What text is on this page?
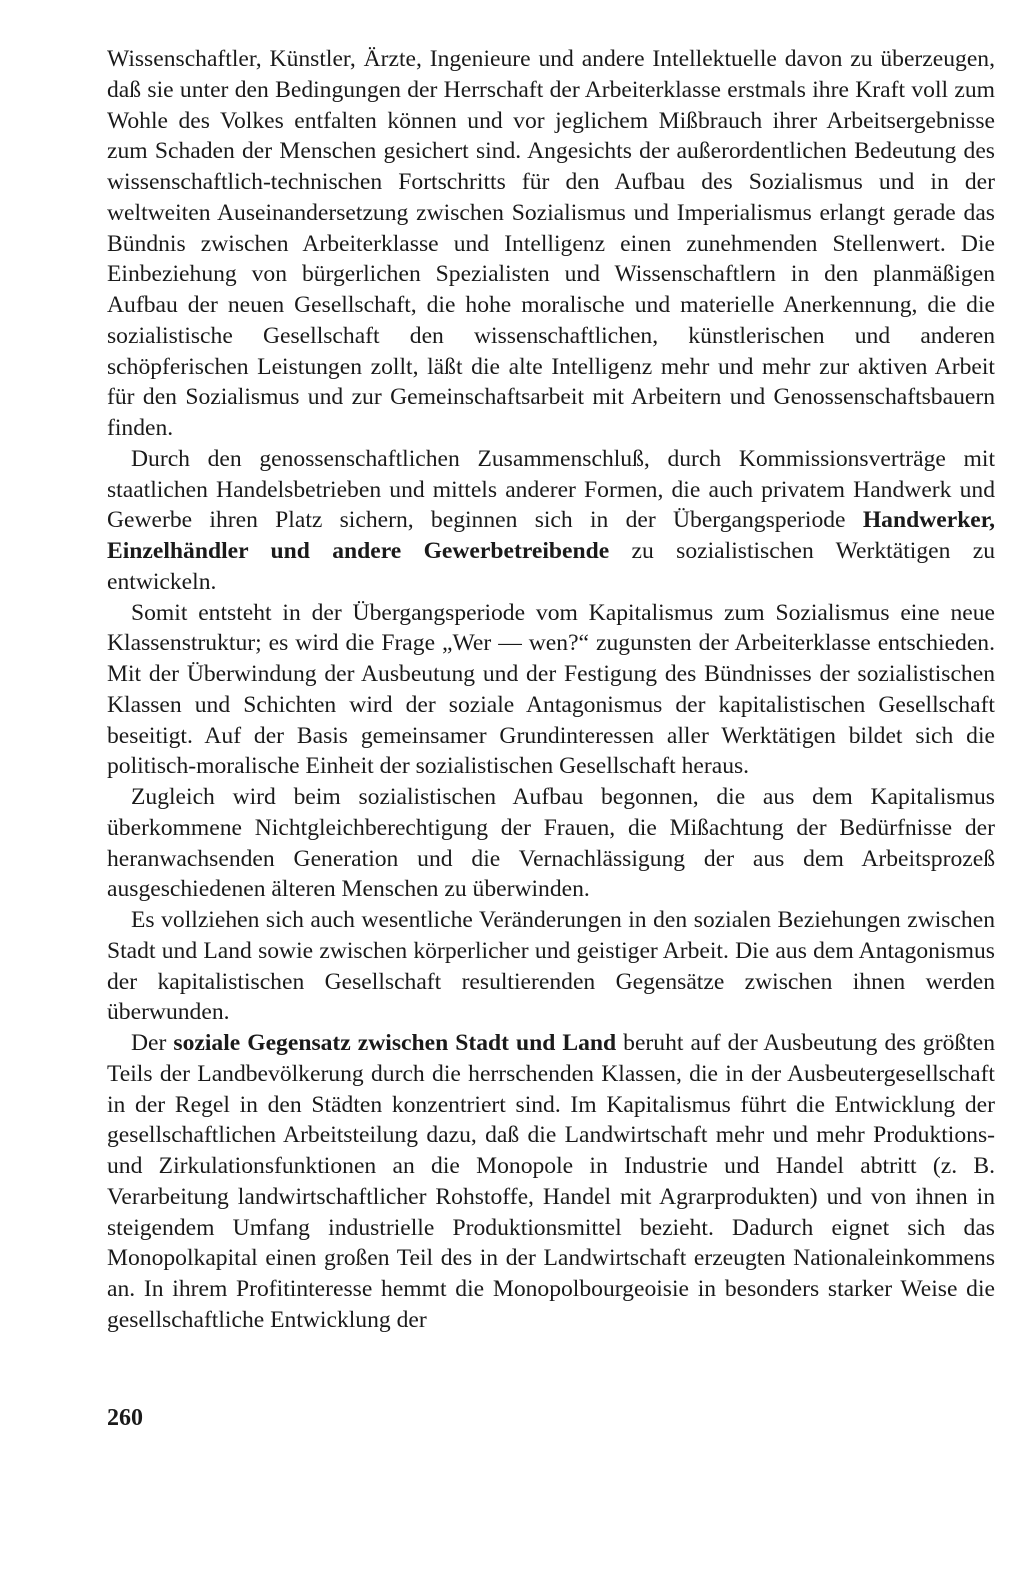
Wissenschaftler, Künstler, Ärzte, Ingenieure und andere Intellektuelle davon zu überzeugen, daß sie unter den Bedingungen der Herrschaft der Arbeiterklasse erstmals ihre Kraft voll zum Wohle des Volkes entfalten können und vor jeglichem Mißbrauch ihrer Arbeitsergebnisse zum Schaden der Menschen gesichert sind. Angesichts der außerordentlichen Bedeutung des wissenschaftlich-technischen Fortschritts für den Aufbau des Sozialismus und in der weltweiten Auseinandersetzung zwischen Sozialismus und Imperialismus erlangt gerade das Bündnis zwischen Arbeiterklasse und Intelligenz einen zunehmenden Stellenwert. Die Einbeziehung von bürgerlichen Spezialisten und Wissenschaftlern in den planmäßigen Aufbau der neuen Gesellschaft, die hohe moralische und materielle Anerkennung, die die sozialistische Gesellschaft den wissenschaftlichen, künstlerischen und anderen schöpferischen Leistungen zollt, läßt die alte Intelligenz mehr und mehr zur aktiven Arbeit für den Sozialismus und zur Gemeinschaftsarbeit mit Arbeitern und Genossenschaftsbauern finden.

Durch den genossenschaftlichen Zusammenschluß, durch Kommissionsverträge mit staatlichen Handelsbetrieben und mittels anderer Formen, die auch privatem Handwerk und Gewerbe ihren Platz sichern, beginnen sich in der Übergangsperiode Handwerker, Einzelhändler und andere Gewerbetreibende zu sozialistischen Werktätigen zu entwickeln.

Somit entsteht in der Übergangsperiode vom Kapitalismus zum Sozialismus eine neue Klassenstruktur; es wird die Frage „Wer — wen?“ zugunsten der Arbeiterklasse entschieden. Mit der Überwindung der Ausbeutung und der Festigung des Bündnisses der sozialistischen Klassen und Schichten wird der soziale Antagonismus der kapitalistischen Gesellschaft beseitigt. Auf der Basis gemeinsamer Grundinteressen aller Werktätigen bildet sich die politisch-moralische Einheit der sozialistischen Gesellschaft heraus.

Zugleich wird beim sozialistischen Aufbau begonnen, die aus dem Kapitalismus überkommene Nichtgleichberechtigung der Frauen, die Mißachtung der Bedürfnisse der heranwachsenden Generation und die Vernachlässigung der aus dem Arbeitsprozeß ausgeschiedenen älteren Menschen zu überwinden.

Es vollziehen sich auch wesentliche Veränderungen in den sozialen Beziehungen zwischen Stadt und Land sowie zwischen körperlicher und geistiger Arbeit. Die aus dem Antagonismus der kapitalistischen Gesellschaft resultierenden Gegensätze zwischen ihnen werden überwunden.

Der soziale Gegensatz zwischen Stadt und Land beruht auf der Ausbeutung des größten Teils der Landbevölkerung durch die herrschenden Klassen, die in der Ausbeutergesellschaft in der Regel in den Städten konzentriert sind. Im Kapitalismus führt die Entwicklung der gesellschaftlichen Arbeitsteilung dazu, daß die Landwirtschaft mehr und mehr Produktions- und Zirkulationsfunktionen an die Monopole in Industrie und Handel abtritt (z. B. Verarbeitung landwirtschaftlicher Rohstoffe, Handel mit Agrarprodukten) und von ihnen in steigendem Umfang industrielle Produktionsmittel bezieht. Dadurch eignet sich das Monopolkapital einen großen Teil des in der Landwirtschaft erzeugten Nationaleinkommens an. In ihrem Profitinteresse hemmt die Monopolbourgeoisie in besonders starker Weise die gesellschaftliche Entwicklung der

260
